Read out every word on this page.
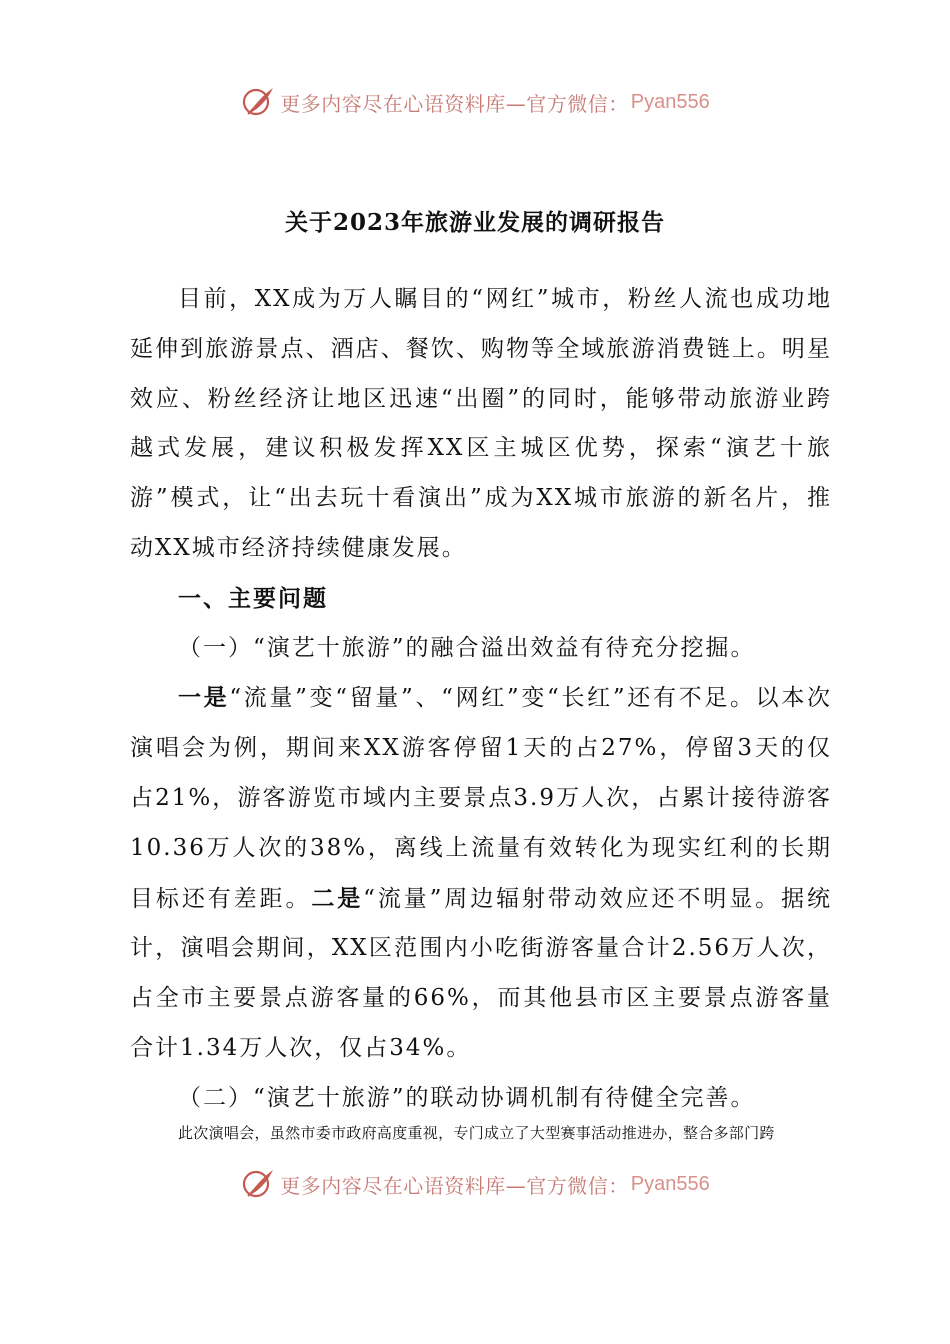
更多内容尽在心语资料库—官方微信： Pyan556
关于2023年旅游业发展的调研报告

目前，XX成为万人瞩目的“网红”城市，粉丝人流也成功地延伸到旅游景点、酒店、餐饮、购物等全域旅游消费链上。明星效应、粉丝经济让地区迅速“出圈”的同时，能够带动旅游业跨越式发展，建议积极发挥XX区主城区优势，探索“演艺十旅游”模式，让“出去玩十看演出”成为XX城市旅游的新名片，推动XX城市经济持续健康发展。

一、主要问题

（一）“演艺十旅游”的融合溢出效益有待充分挖掘。

一是“流量”变“留量”、“网红”变“长红”还有不足。以本次演唱会为例，期间来XX游客停留1天的占27%，停留3天的仅占21%，游客游览市域内主要景点3.9万人次，占累计接待游客10.36万人次的38%，离线上流量有效转化为现实红利的长期目标还有差距。二是“流量”周边辐射带动效应还不明显。据统计，演唱会期间，XX区范围内小吃街游客量合计2.56万人次，占全市主要景点游客量的66%，而其他县市区主要景点游客量合计1.34万人次，仅占34%。

（二）“演艺十旅游”的联动协调机制有待健全完善。

此次演唱会，虽然市委市政府高度重视，专门成立了大型赛事活动推进办，整合多部门跨
更多内容尽在心语资料库—官方微信： Pyan556
